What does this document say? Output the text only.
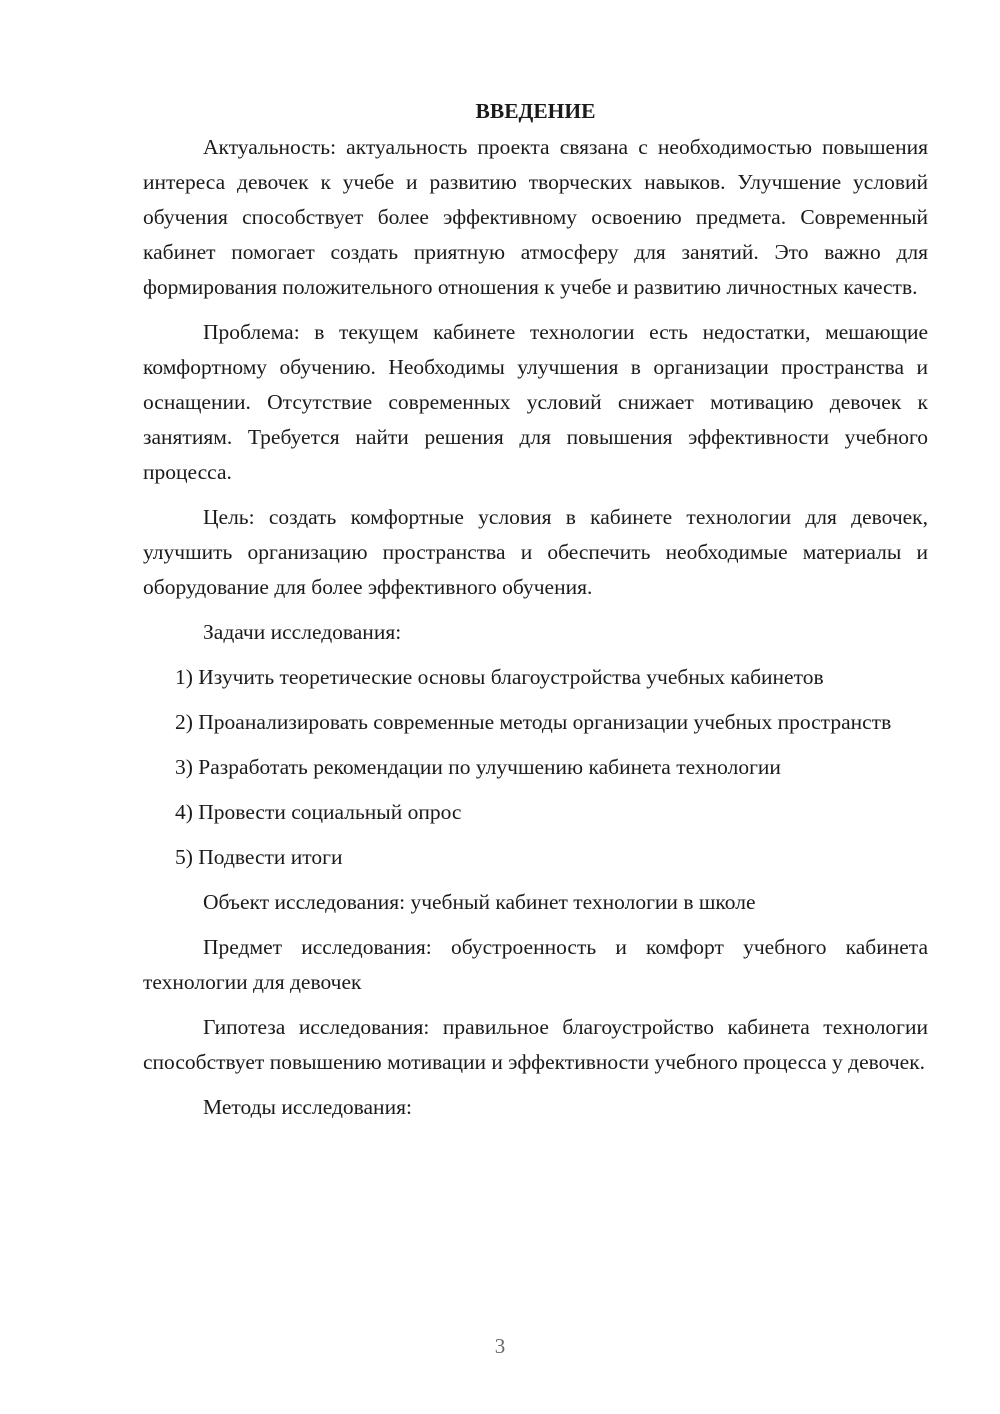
ВВЕДЕНИЕ

Актуальность: актуальность проекта связана с необходимостью повышения интереса девочек к учебе и развитию творческих навыков. Улучшение условий обучения способствует более эффективному освоению предмета. Современный кабинет помогает создать приятную атмосферу для занятий. Это важно для формирования положительного отношения к учебе и развитию личностных качеств.

Проблема: в текущем кабинете технологии есть недостатки, мешающие комфортному обучению. Необходимы улучшения в организации пространства и оснащении. Отсутствие современных условий снижает мотивацию девочек к занятиям. Требуется найти решения для повышения эффективности учебного процесса.

Цель: создать комфортные условия в кабинете технологии для девочек, улучшить организацию пространства и обеспечить необходимые материалы и оборудование для более эффективного обучения.

Задачи исследования:

1) Изучить теоретические основы благоустройства учебных кабинетов

2) Проанализировать современные методы организации учебных пространств

3) Разработать рекомендации по улучшению кабинета технологии

4) Провести социальный опрос

5) Подвести итоги

Объект исследования: учебный кабинет технологии в школе

Предмет исследования: обустроенность и комфорт учебного кабинета технологии для девочек

Гипотеза исследования: правильное благоустройство кабинета технологии способствует повышению мотивации и эффективности учебного процесса у девочек.

Методы исследования:

3
